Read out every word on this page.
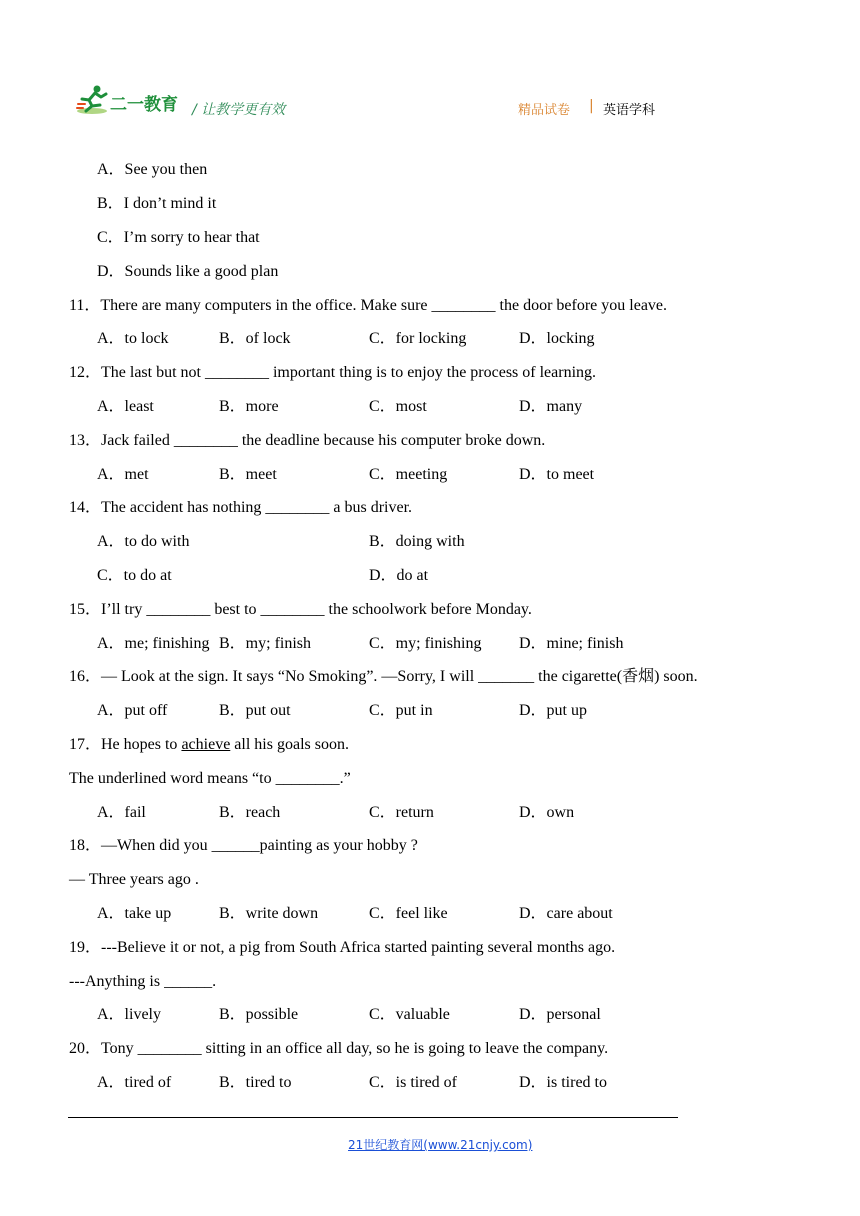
二一教育 / 让教学更有效	精品试卷 | 英语学科
A．See you then
B．I don’t mind it
C．I’m sorry to hear that
D．Sounds like a good plan
11．There are many computers in the office. Make sure ________ the door before you leave.
A．to lock	B．of lock	C．for locking	D．locking
12．The last but not ________ important thing is to enjoy the process of learning.
A．least	B．more	C．most	D．many
13．Jack failed ________ the deadline because his computer broke down.
A．met	B．meet	C．meeting	D．to meet
14．The accident has nothing ________ a bus driver.
A．to do with	B．doing with
C．to do at	D．do at
15．I’ll try ________ best to ________ the schoolwork before Monday.
A．me; finishing B．my; finish	C．my; finishing D．mine; finish
16．— Look at the sign. It says “No Smoking”. —Sorry, I will _______ the cigarette(香烟) soon.
A．put off	B．put out	C．put in	D．put up
17．He hopes to achieve all his goals soon.
The underlined word means “to ________.”
A．fail	B．reach	C．return	D．own
18．—When did you ______painting as your hobby ?
— Three years ago .
A．take up	B．write down	C．feel like	D．care about
19．---Believe it or not, a pig from South Africa started painting several months ago.
---Anything is ______.
A．lively	B．possible	C．valuable	D．personal
20．Tony ________ sitting in an office all day, so he is going to leave the company.
A．tired of	B．tired to	C．is tired of	D．is tired to
21世纪教育网(www.21cnjy.com)
